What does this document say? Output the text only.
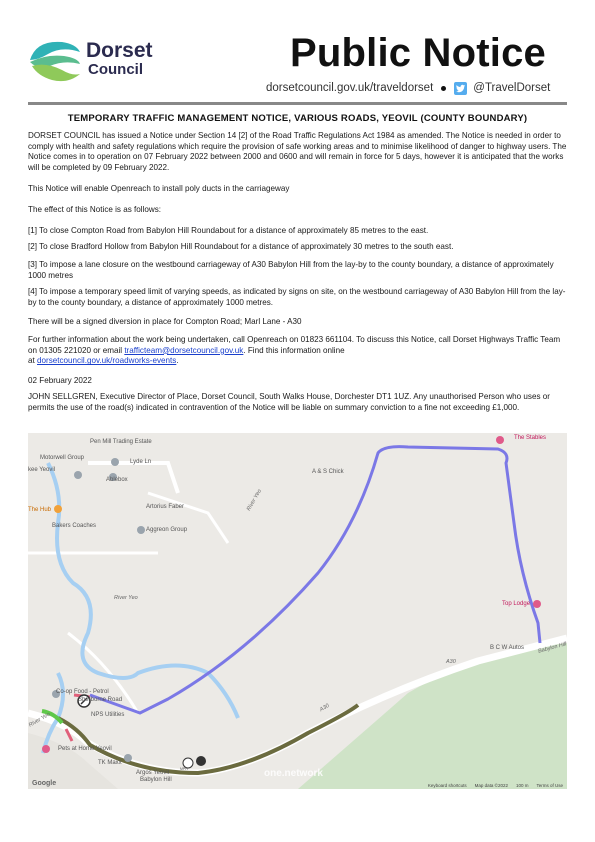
Dorset
Council	Public Notice
dorsetcouncil.gov.uk/traveldorset	@TravelDorset
TEMPORARY TRAFFIC MANAGEMENT NOTICE, VARIOUS ROADS, YEOVIL (COUNTY BOUNDARY)
DORSET COUNCIL has issued a Notice under Section 14 [2] of the Road Traffic Regulations Act 1984 as amended. The Notice is needed in order to comply with health and safety regulations which require the provision of safe working areas and to minimise likelihood of danger to highway users. The Notice comes in to operation on 07 February 2022 between 2000 and 0600 and will remain in force for 5 days, however it is anticipated that the works will be completed by 09 February 2022.
This Notice will enable Openreach to install poly ducts in the carriageway
The effect of this Notice is as follows:
[1] To close Compton Road from Babylon Hill Roundabout for a distance of approximately 85 metres to the east.
[2] To close Bradford Hollow from Babylon Hill Roundabout for a distance of approximately 30 metres to the south east.
[3] To impose a lane closure on the westbound carriageway of A30 Babylon Hill from the lay-by to the county boundary, a distance of approximately 1000 metres
[4] To impose a temporary speed limit of varying speeds, as indicated by signs on site, on the westbound carriageway of A30 Babylon Hill from the lay-by to the county boundary, a distance of approximately 1000 metres.
There will be a signed diversion in place for Compton Road; Marl Lane - A30
For further information about the work being undertaken, call Openreach on 01823 661104. To discuss this Notice, call Dorset Highways Traffic Team on 01305 221020 or email trafficteam@dorsetcouncil.gov.uk. Find this information online
at dorsetcouncil.gov.uk/roadworks-events.
02 February 2022
JOHN SELLGREN, Executive Director of Place, Dorset Council, South Walks House, Dorchester DT1 1UZ. Any unauthorised Person who uses or permits the use of the road(s) indicated in contravention of the Notice will be liable on summary conviction to a fine not exceeding £1,000.
Pen Mill Trading Estate
Motorwell Group
kee Yeovil
Ablebox
Lyde Ln
A & S Chick
The Hub	Artorius Faber
Aggreon Group
Bakers Coaches
River Yeo
River Yeo
River Yeo
The Stables
Top Lodge
B C W Autos Babylon Hill
A30
A30
Co-op Food - Petrol
Sherborne Road
NPS Utilities
Pets at Home Yeovil
TK Maxx
Argos Yeovil
Babylon Hill
MPH
Google
one.network
Keyboard shortcuts Map data ©2022 100 m Terms of Use
